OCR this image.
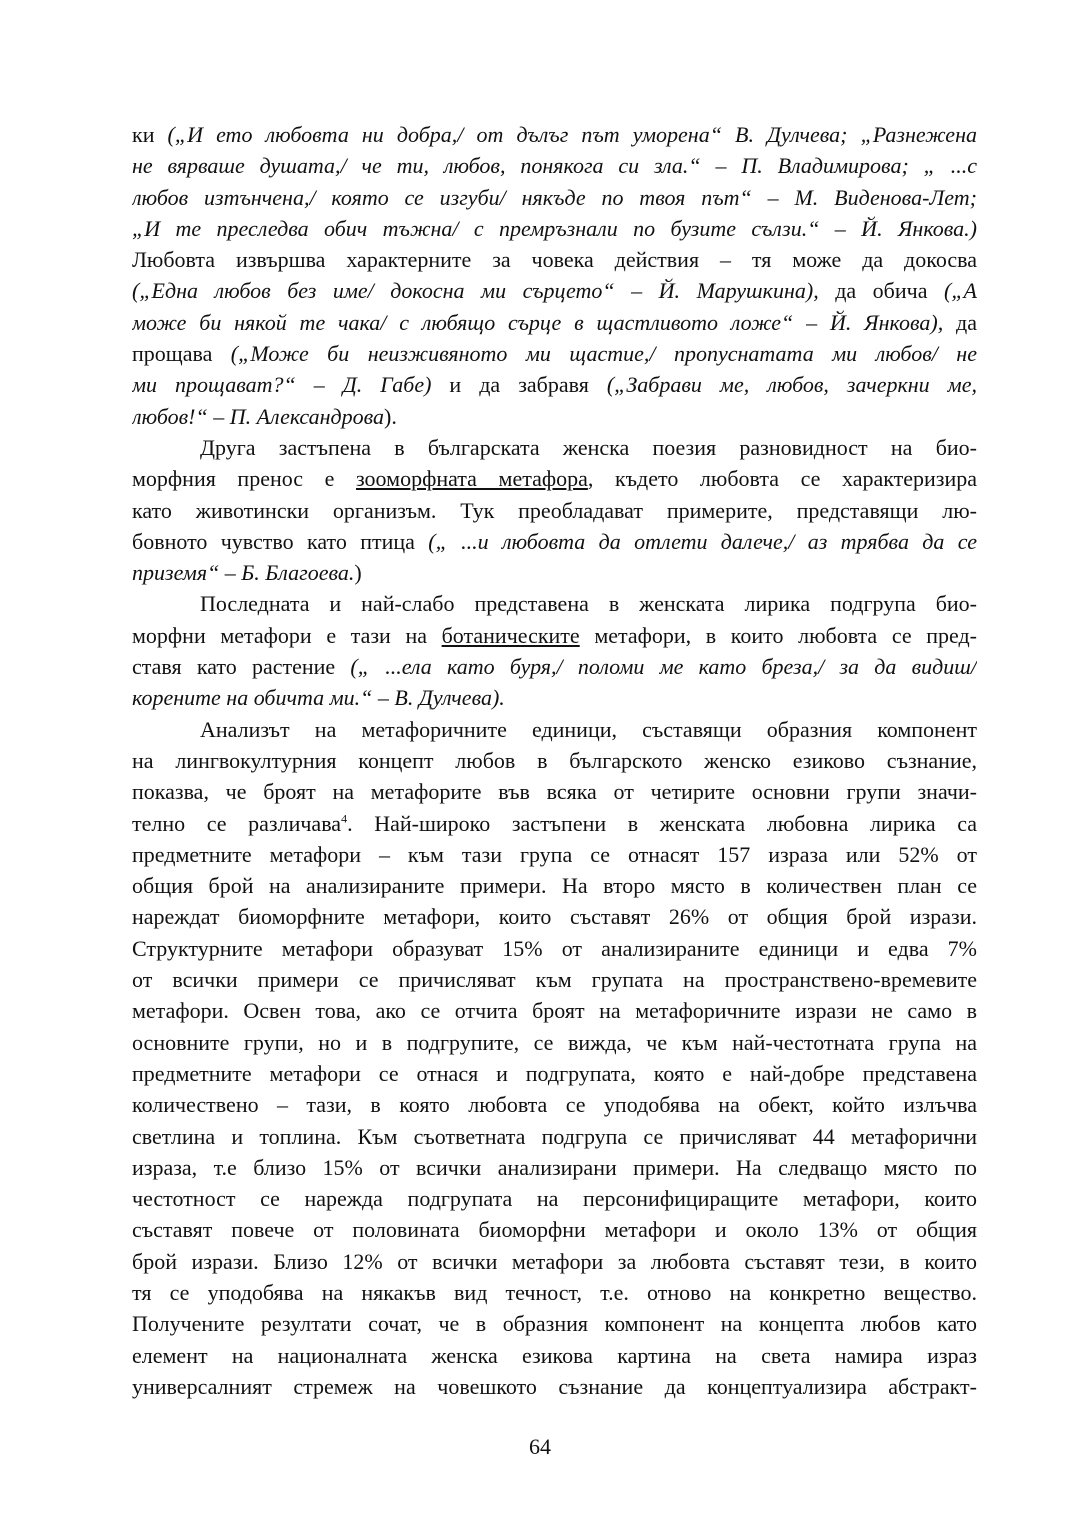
ки („И ето любовта ни добра,/ от дълъг път уморена“ В. Дулчева; „Разнежена
не вярваше душата,/ че ти, любов, понякога си зла.“ – П. Владимирова; „ ...с
любов изтънчена,/ която се изгуби/ някъде по твоя път“ – М. Виденова-Лет;
„И те преследва обич тъжна/ с премръзнали по бузите сълзи.“ – Й. Янкова.)
Любовта извършва характерните за човека действия – тя може да докосва
(„Една любов без име/ докосна ми сърцето“ – Й. Марушкина), да обича („А
може би някой те чака/ с любящо сърце в щастливото ложе“ – Й. Янкова), да
прощава („Може би неизживяното ми щастие,/ пропуснатата ми любов/ не
ми прощават?“ – Д. Габе) и да забравя („Забрави ме, любов, зачеркни ме,
любов!“ – П. Александрова).
Друга застъпена в българската женска поезия разновидност на био-
морфния пренос е зооморфната метафора, където любовта се характеризира
като животински организъм. Тук преобладават примерите, представящи лю-
бовното чувство като птица („ ...и любовта да отлети далече,/ аз трябва да се
приземя“ – Б. Благоева.)
Последната и най-слабо представена в женската лирика подгрупа био-
морфни метафори е тази на ботаническите метафори, в които любовта се пред-
ставя като растение („ ...ела като буря,/ поломи ме като бреза,/ за да видиш/
корените на обичта ми.“ – В. Дулчева).
Анализът на метафоричните единици, съставящи образния компонент
на лингвокултурния концепт любов в българското женско езиково съзнание,
показва, че броят на метафорите във всяка от четирите основни групи значи-
телно се различава$^4$. Най-широко застъпени в женската любовна лирика са
предметните метафори – към тази група се отнасят 157 израза или 52% от
общия брой на анализираните примери. На второ място в количествен план се
нареждат биоморфните метафори, които съставят 26% от общия брой изрази.
Структурните метафори образуват 15% от анализираните единици и едва 7%
от всички примери се причисляват към групата на пространствено-времевите
метафори. Освен това, ако се отчита броят на метафоричните изрази не само в
основните групи, но и в подгрупите, се вижда, че към най-честотната група на
предметните метафори се отнася и подгрупата, която е най-добре представена
количествено – тази, в която любовта се уподобява на обект, който излъчва
светлина и топлина. Към съответната подгрупа се причисляват 44 метафорични
израза, т.е близо 15% от всички анализирани примери. На следващо място по
честотност се нарежда подгрупата на персонифициращите метафори, които
съставят повече от половината биоморфни метафори и около 13% от общия
брой изрази. Близо 12% от всички метафори за любовта съставят тези, в които
тя се уподобява на някакъв вид течност, т.е. отново на конкретно вещество.
Получените резултати сочат, че в образния компонент на концепта любов като
елемент на националната женска езикова картина на света намира израз
универсалният стремеж на човешкото съзнание да концептуализира абстракт-
64
